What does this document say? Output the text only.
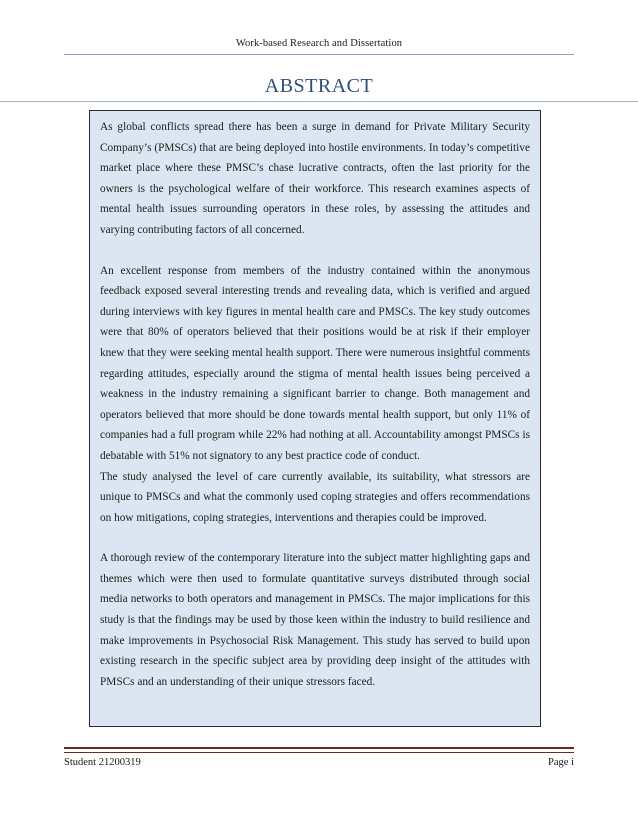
Work-based Research and Dissertation
ABSTRACT

As global conflicts spread there has been a surge in demand for Private Military Security Company’s (PMSCs) that are being deployed into hostile environments. In today’s competitive market place where these PMSC’s chase lucrative contracts, often the last priority for the owners is the psychological welfare of their workforce. This research examines aspects of mental health issues surrounding operators in these roles, by assessing the attitudes and varying contributing factors of all concerned.

An excellent response from members of the industry contained within the anonymous feedback exposed several interesting trends and revealing data, which is verified and argued during interviews with key figures in mental health care and PMSCs. The key study outcomes were that 80% of operators believed that their positions would be at risk if their employer knew that they were seeking mental health support. There were numerous insightful comments regarding attitudes, especially around the stigma of mental health issues being perceived a weakness in the industry remaining a significant barrier to change. Both management and operators believed that more should be done towards mental health support, but only 11% of companies had a full program while 22% had nothing at all. Accountability amongst PMSCs is debatable with 51% not signatory to any best practice code of conduct.

The study analysed the level of care currently available, its suitability, what stressors are unique to PMSCs and what the commonly used coping strategies and offers recommendations on how mitigations, coping strategies, interventions and therapies could be improved.

A thorough review of the contemporary literature into the subject matter highlighting gaps and themes which were then used to formulate quantitative surveys distributed through social media networks to both operators and management in PMSCs. The major implications for this study is that the findings may be used by those keen within the industry to build resilience and make improvements in Psychosocial Risk Management. This study has served to build upon existing research in the specific subject area by providing deep insight of the attitudes with PMSCs and an understanding of their unique stressors faced.

Student 21200319	Page i
